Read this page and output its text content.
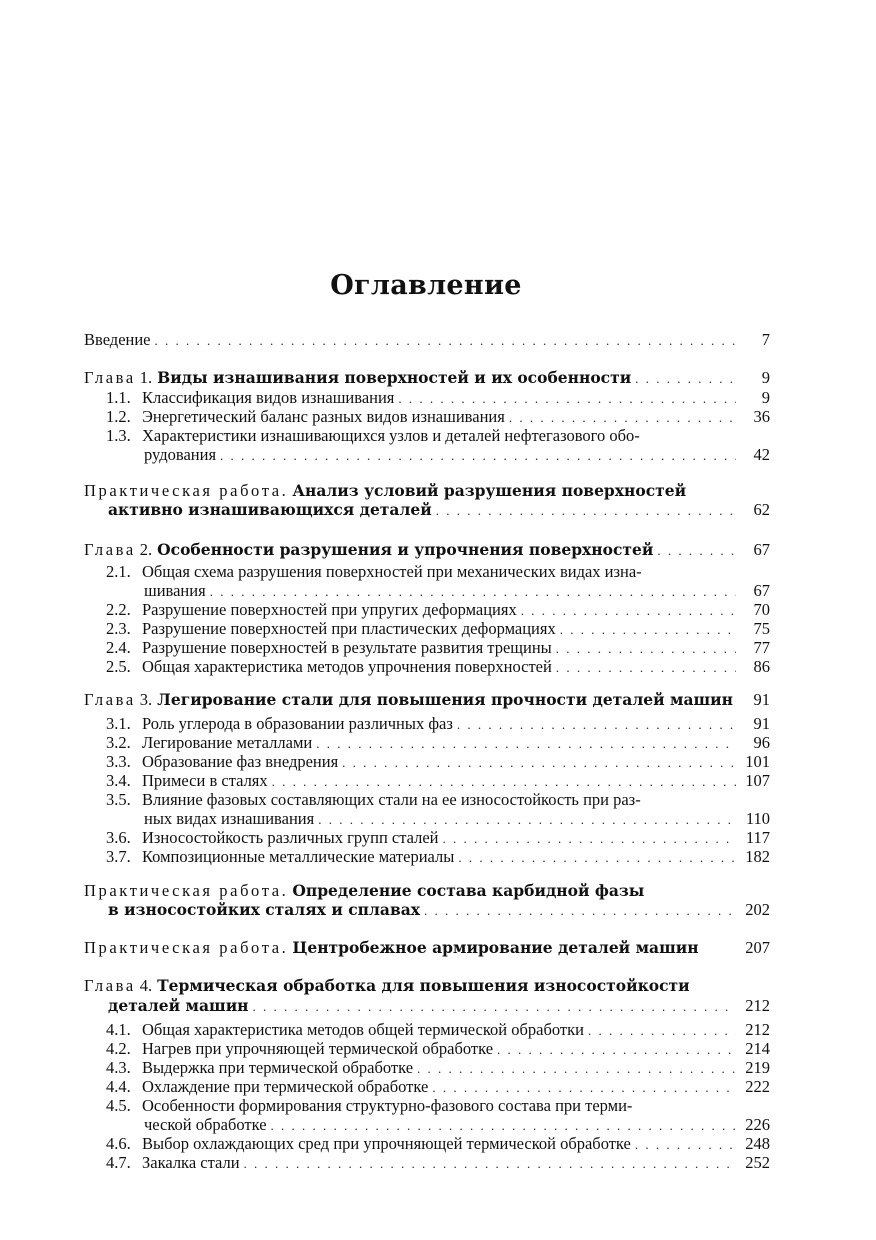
Оглавление
Введение . . .	7
Глава 1. Виды изнашивания поверхностей и их особенности . . .	9
1.1. Классификация видов изнашивания . . .	9
1.2. Энергетический баланс разных видов изнашивания . . .	36
1.3. Характеристики изнашивающихся узлов и деталей нефтегазового обо-
рудования . . .	42
Практическая работа. Анализ условий разрушения поверхностей
активно изнашивающихся деталей . . .	62
Глава 2. Особенности разрушения и упрочнения поверхностей . . .	67
2.1. Общая схема разрушения поверхностей при механических видах изна-
шивания . . .	67
2.2. Разрушение поверхностей при упругих деформациях . . .	70
2.3. Разрушение поверхностей при пластических деформациях . . .	75
2.4. Разрушение поверхностей в результате развития трещины . . .	77
2.5. Общая характеристика методов упрочнения поверхностей . . .	86
Глава 3. Легирование стали для повышения прочности деталей машин	91
3.1. Роль углерода в образовании различных фаз . . .	91
3.2. Легирование металлами . . .	96
3.3. Образование фаз внедрения . . .	101
3.4. Примеси в сталях . . .	107
3.5. Влияние фазовых составляющих стали на ее износостойкость при раз-
ных видах изнашивания . . .	110
3.6. Износостойкость различных групп сталей . . .	117
3.7. Композиционные металлические материалы . . .	182
Практическая работа. Определение состава карбидной фазы
в износостойких сталях и сплавах . . .	202
Практическая работа. Центробежное армирование деталей машин	207
Глава 4. Термическая обработка для повышения износостойкости
деталей машин . . .	212
4.1. Общая характеристика методов общей термической обработки . . .	212
4.2. Нагрев при упрочняющей термической обработке . . .	214
4.3. Выдержка при термической обработке . . .	219
4.4. Охлаждение при термической обработке . . .	222
4.5. Особенности формирования структурно-фазового состава при терми-
ческой обработке . . .	226
4.6. Выбор охлаждающих сред при упрочняющей термической обработке . . .	248
4.7. Закалка стали . . .	252
